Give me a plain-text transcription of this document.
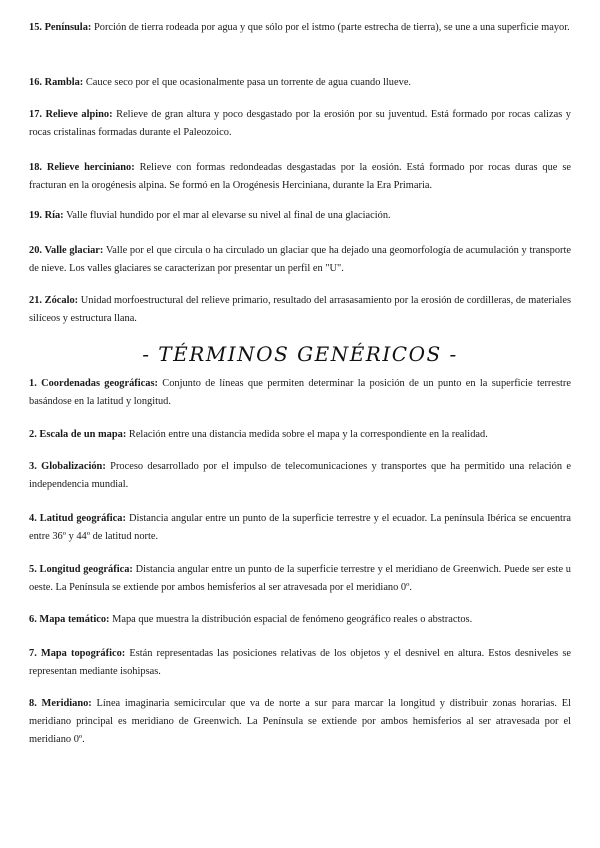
15. Península: Porción de tierra rodeada por agua y que sólo por el istmo (parte estrecha de tierra), se une a una superficie mayor.

16. Rambla: Cauce seco por el que ocasionalmente pasa un torrente de agua cuando llueve.

17. Relieve alpino: Relieve de gran altura y poco desgastado por la erosión por su juventud. Está formado por rocas calizas y rocas cristalinas formadas durante el Paleozoico.

18. Relieve herciniano: Relieve con formas redondeadas desgastadas por la eosión. Está formado por rocas duras que se fracturan en la orogénesis alpina. Se formó en la Orogénesis Herciniana, durante la Era Primaria.

19. Ría: Valle fluvial hundido por el mar al elevarse su nivel al final de una glaciación.

20. Valle glaciar: Valle por el que circula o ha circulado un glaciar que ha dejado una geomorfología de acumulación y transporte de nieve. Los valles glaciares se caracterizan por presentar un perfil en "U".

21. Zócalo: Unidad morfoestructural del relieve primario, resultado del arrasasamiento por la erosión de cordilleras, de materiales silíceos y estructura llana.

- TÉRMINOS GENÉRICOS -

1. Coordenadas geográficas: Conjunto de líneas que permiten determinar la posición de un punto en la superficie terrestre basándose en la latitud y longitud.

2. Escala de un mapa: Relación entre una distancia medida sobre el mapa y la correspondiente en la realidad.

3. Globalización: Proceso desarrollado por el impulso de telecomunicaciones y transportes que ha permitido una relación e independencia mundial.

4. Latitud geográfica: Distancia angular entre un punto de la superficie terrestre y el ecuador. La península Ibérica se encuentra entre 36º y 44º de latitud norte.

5. Longitud geográfica: Distancia angular entre un punto de la superficie terrestre y el meridiano de Greenwich. Puede ser este u oeste. La Península se extiende por ambos hemisferios al ser atravesada por el meridiano 0º.

6. Mapa temático: Mapa que muestra la distribución espacial de fenómeno geográfico reales o abstractos.

7. Mapa topográfico: Están representadas las posiciones relativas de los objetos y el desnivel en altura. Estos desniveles se representan mediante isohipsas.

8. Meridiano: Línea imaginaria semicircular que va de norte a sur para marcar la longitud y distribuir zonas horarias. El meridiano principal es meridiano de Greenwich. La Península se extiende por ambos hemisferios al ser atravesada por el meridiano 0º.
